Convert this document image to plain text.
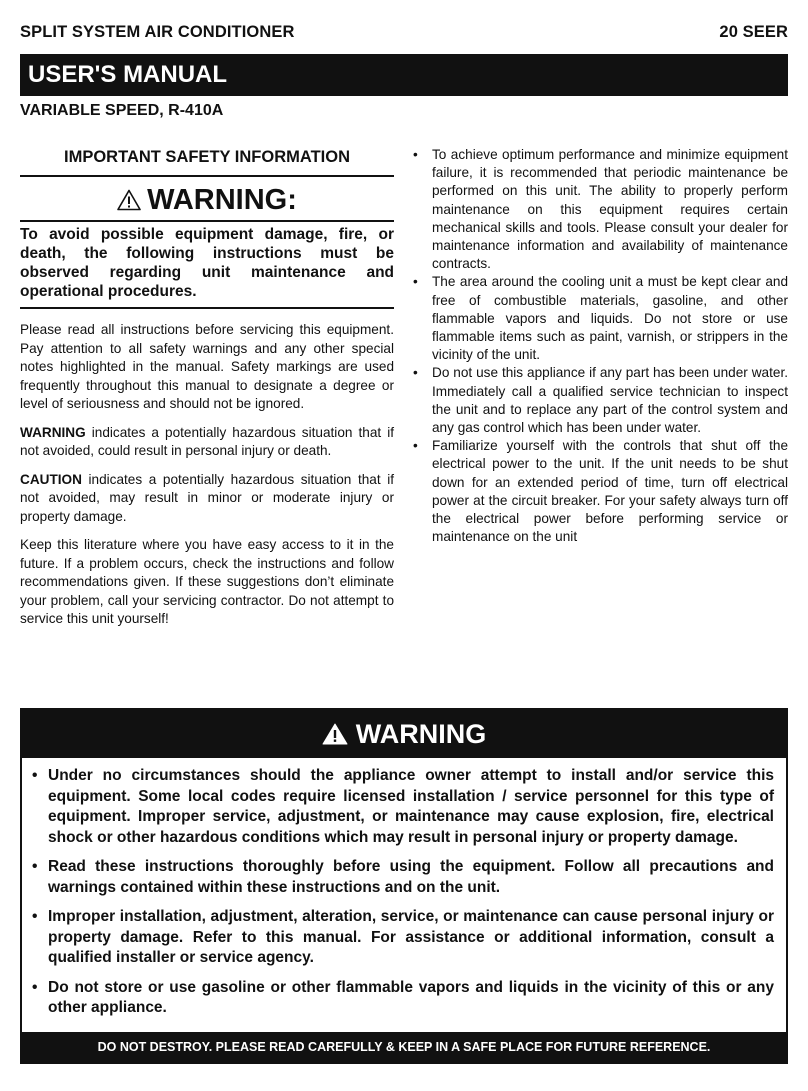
SPLIT SYSTEM AIR CONDITIONER	20 SEER
USER'S MANUAL
VARIABLE SPEED, R-410A
IMPORTANT SAFETY INFORMATION
WARNING:
To avoid possible equipment damage, fire, or death, the following instructions must be observed regarding unit maintenance and operational procedures.

Please read all instructions before servicing this equipment. Pay attention to all safety warnings and any other special notes highlighted in the manual. Safety markings are used frequently throughout this manual to designate a degree or level of seriousness and should not be ignored.

WARNING indicates a potentially hazardous situation that if not avoided, could result in personal injury or death.

CAUTION indicates a potentially hazardous situation that if not avoided, may result in minor or moderate injury or property damage.

Keep this literature where you have easy access to it in the future. If a problem occurs, check the instructions and follow recommendations given. If these suggestions don’t eliminate your problem, call your servicing contractor. Do not attempt to service this unit yourself!

•	To achieve optimum performance and minimize equipment failure, it is recommended that periodic maintenance be performed on this unit. The ability to properly perform maintenance on this equipment requires certain mechanical skills and tools. Please consult your dealer for maintenance information and availability of maintenance contracts.
•	The area around the cooling unit a must be kept clear and free of combustible materials, gasoline, and other flammable vapors and liquids. Do not store or use flammable items such as paint, varnish, or strippers in the vicinity of the unit.
•	Do not use this appliance if any part has been under water. Immediately call a qualified service technician to inspect the unit and to replace any part of the control system and any gas control which has been under water.
•	Familiarize yourself with the controls that shut off the electrical power to the unit. If the unit needs to be shut down for an extended period of time, turn off electrical power at the circuit breaker. For your safety always turn off the electrical power before performing service or maintenance on the unit
WARNING
• Under no circumstances should the appliance owner attempt to install and/or service this equipment. Some local codes require licensed installation / service personnel for this type of equipment. Improper service, adjustment, or maintenance may cause explosion, fire, electrical shock or other hazardous conditions which may result in personal injury or property damage.
• Read these instructions thoroughly before using the equipment. Follow all precautions and warnings contained within these instructions and on the unit.
• Improper installation, adjustment, alteration, service, or maintenance can cause personal injury or property damage. Refer to this manual. For assistance or additional information, consult a qualified installer or service agency.
• Do not store or use gasoline or other flammable vapors and liquids in the vicinity of this or any other appliance.
DO NOT DESTROY. PLEASE READ CAREFULLY & KEEP IN A SAFE PLACE FOR FUTURE REFERENCE.
